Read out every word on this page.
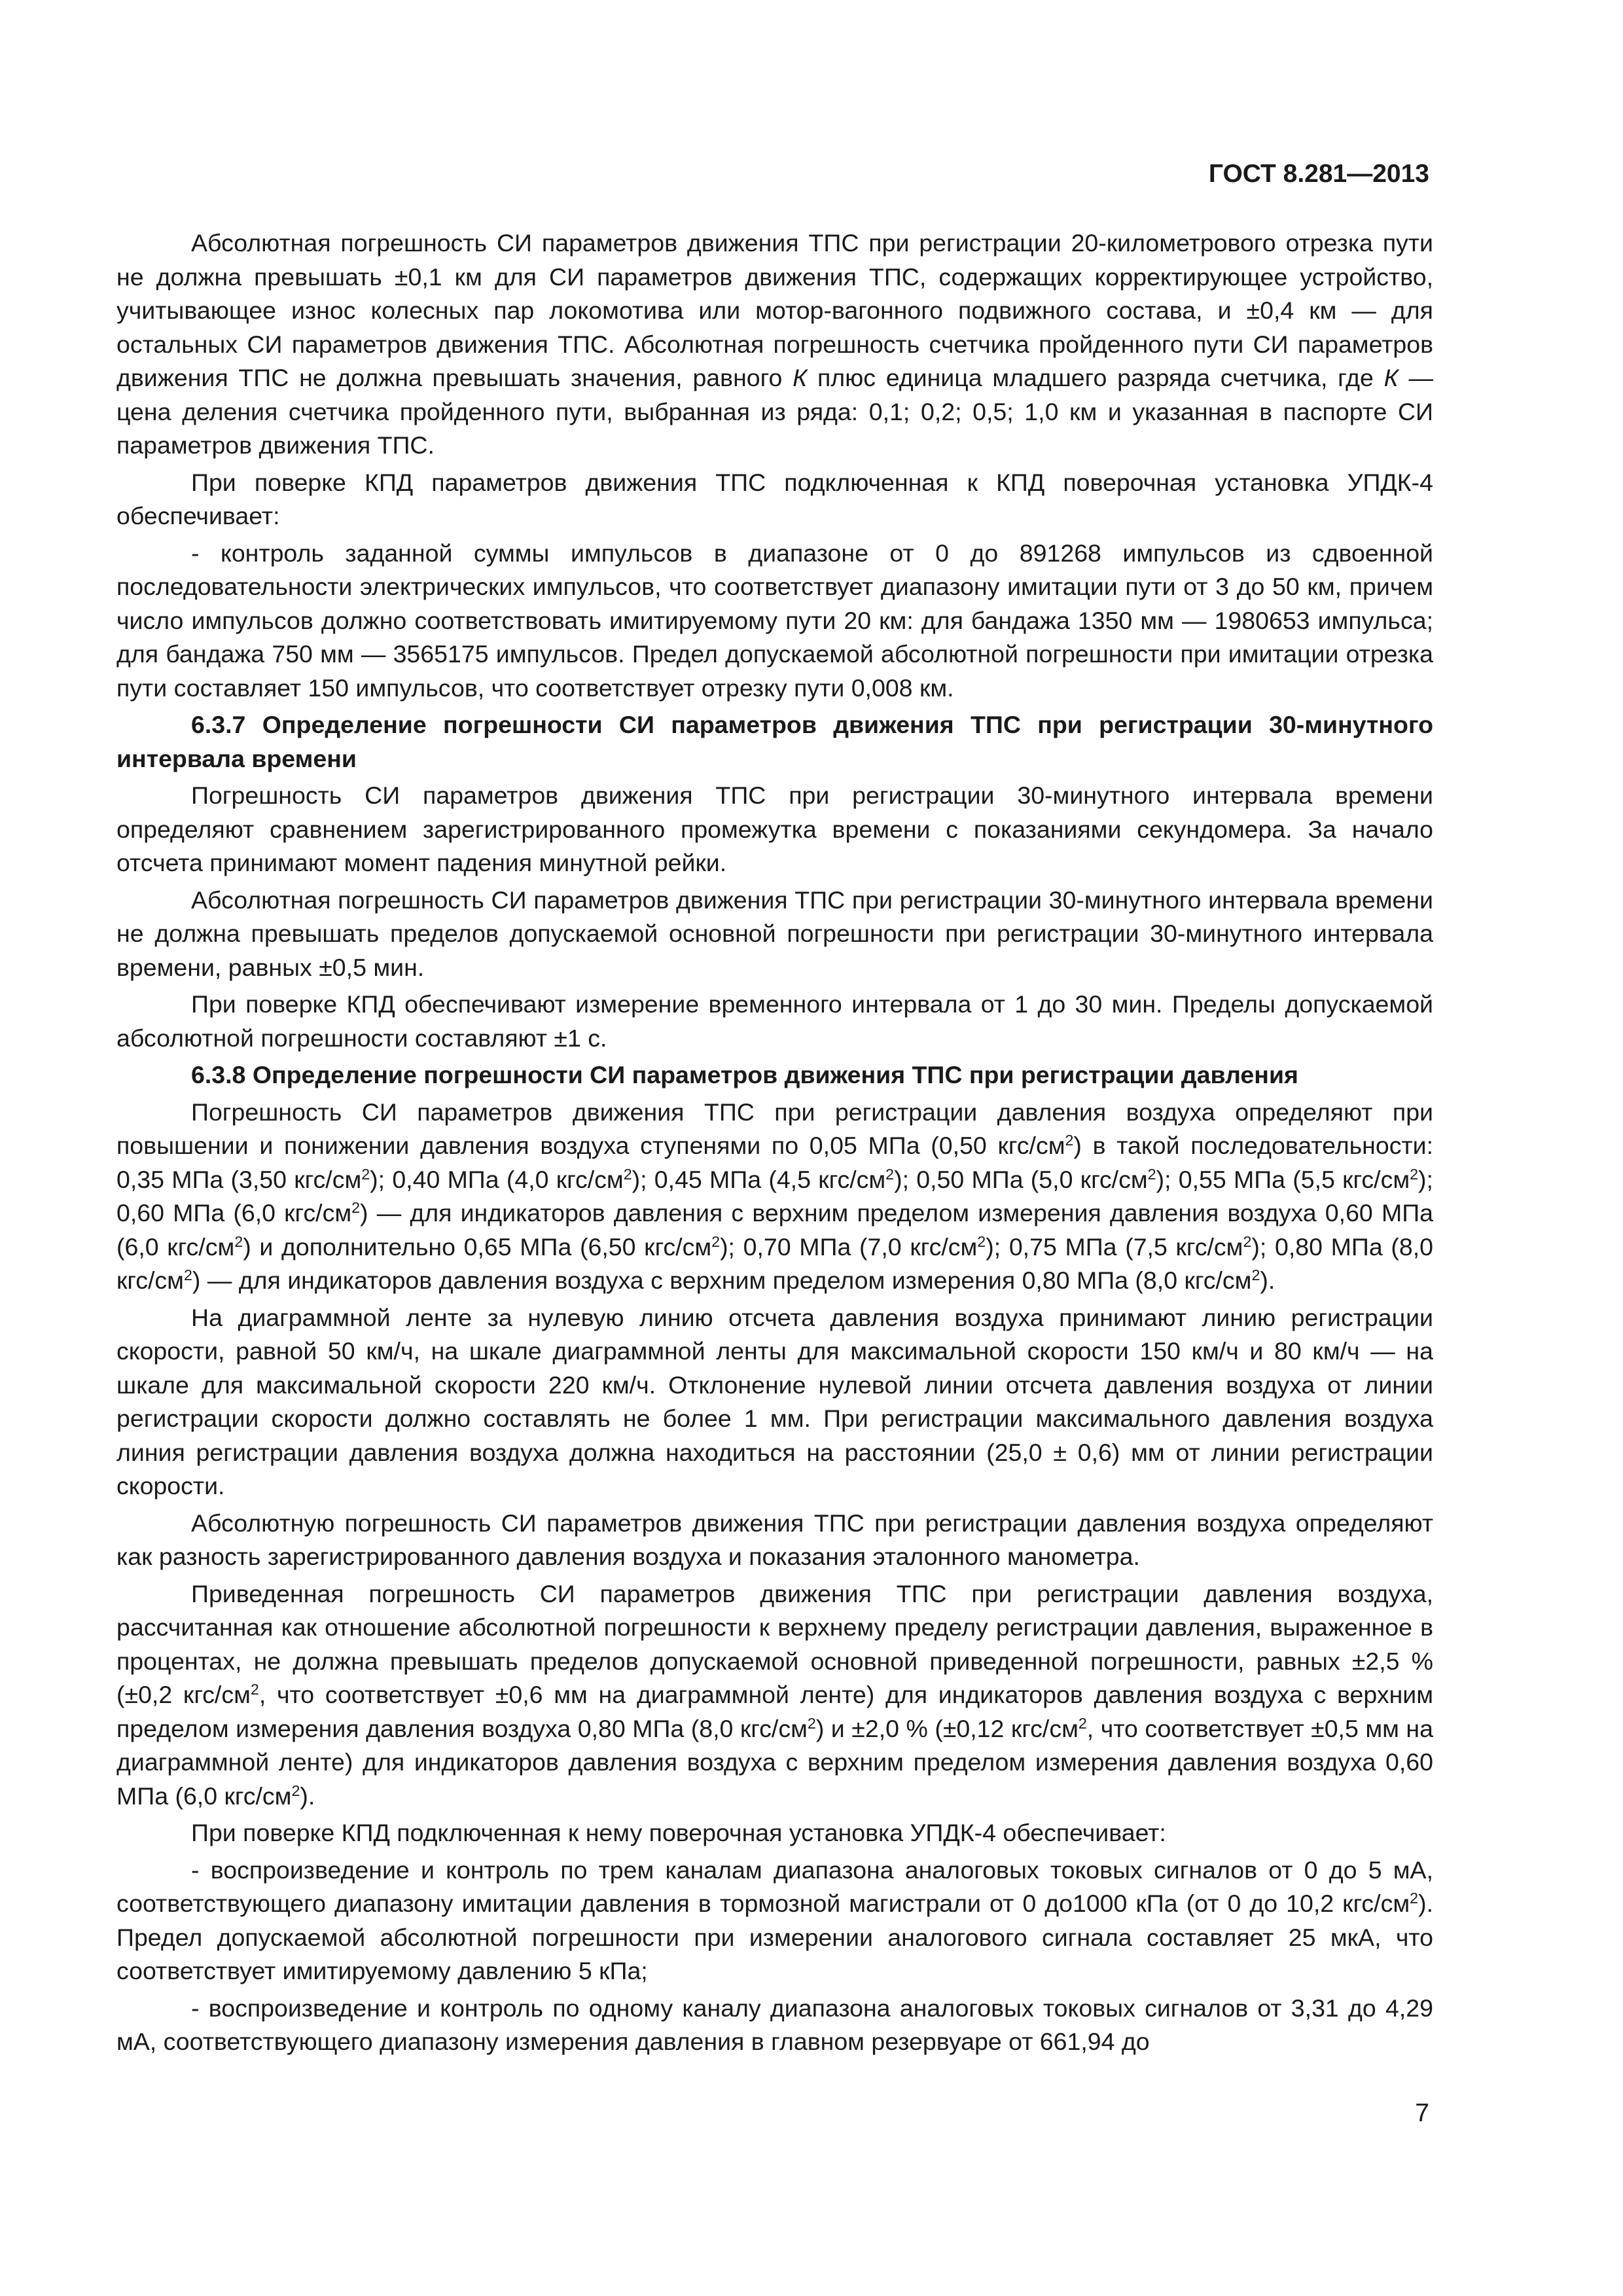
ГОСТ 8.281—2013

Абсолютная погрешность СИ параметров движения ТПС при регистрации 20-километрового отрезка пути не должна превышать ±0,1 км для СИ параметров движения ТПС, содержащих корректирующее устройство, учитывающее износ колесных пар локомотива или мотор-вагонного подвижного состава, и ±0,4 км — для остальных СИ параметров движения ТПС. Абсолютная погрешность счетчика пройденного пути СИ параметров движения ТПС не должна превышать значения, равного К плюс единица младшего разряда счетчика, где К — цена деления счетчика пройденного пути, выбранная из ряда: 0,1; 0,2; 0,5; 1,0 км и указанная в паспорте СИ параметров движения ТПС.

При поверке КПД параметров движения ТПС подключенная к КПД поверочная установка УПДК-4 обеспечивает:

- контроль заданной суммы импульсов в диапазоне от 0 до 891268 импульсов из сдвоенной последовательности электрических импульсов, что соответствует диапазону имитации пути от 3 до 50 км, причем число импульсов должно соответствовать имитируемому пути 20 км: для бандажа 1350 мм — 1980653 импульса; для бандажа 750 мм — 3565175 импульсов. Предел допускаемой абсолютной погрешности при имитации отрезка пути составляет 150 импульсов, что соответствует отрезку пути 0,008 км.

6.3.7 Определение погрешности СИ параметров движения ТПС при регистрации 30-минутного интервала времени

Погрешность СИ параметров движения ТПС при регистрации 30-минутного интервала времени определяют сравнением зарегистрированного промежутка времени с показаниями секундомера. За начало отсчета принимают момент падения минутной рейки.

Абсолютная погрешность СИ параметров движения ТПС при регистрации 30-минутного интервала времени не должна превышать пределов допускаемой основной погрешности при регистрации 30-минутного интервала времени, равных ±0,5 мин.

При поверке КПД обеспечивают измерение временного интервала от 1 до 30 мин. Пределы допускаемой абсолютной погрешности составляют ±1 с.

6.3.8 Определение погрешности СИ параметров движения ТПС при регистрации давления

Погрешность СИ параметров движения ТПС при регистрации давления воздуха определяют при повышении и понижении давления воздуха ступенями по 0,05 МПа (0,50 кгс/$см^2$) в такой последовательности: 0,35 МПа (3,50 кгс/$см^2$); 0,40 МПа (4,0 кгс/$см^2$); 0,45 МПа (4,5 кгс/$см^2$); 0,50 МПа (5,0 кгс/$см^2$); 0,55 МПа (5,5 кгс/$см^2$); 0,60 МПа (6,0 кгс/$см^2$) — для индикаторов давления с верхним пределом измерения давления воздуха 0,60 МПа (6,0 кгс/$см^2$) и дополнительно 0,65 МПа (6,50 кгс/$см^2$); 0,70 МПа (7,0 кгс/$см^2$); 0,75 МПа (7,5 кгс/$см^2$); 0,80 МПа (8,0 кгс/$см^2$) — для индикаторов давления воздуха с верхним пределом измерения 0,80 МПа (8,0 кгс/$см^2$).

На диаграммной ленте за нулевую линию отсчета давления воздуха принимают линию регистрации скорости, равной 50 км/ч, на шкале диаграммной ленты для максимальной скорости 150 км/ч и 80 км/ч — на шкале для максимальной скорости 220 км/ч. Отклонение нулевой линии отсчета давления воздуха от линии регистрации скорости должно составлять не более 1 мм. При регистрации максимального давления воздуха линия регистрации давления воздуха должна находиться на расстоянии (25,0 ± 0,6) мм от линии регистрации скорости.

Абсолютную погрешность СИ параметров движения ТПС при регистрации давления воздуха определяют как разность зарегистрированного давления воздуха и показания эталонного манометра.

Приведенная погрешность СИ параметров движения ТПС при регистрации давления воздуха, рассчитанная как отношение абсолютной погрешности к верхнему пределу регистрации давления, выраженное в процентах, не должна превышать пределов допускаемой основной приведенной погрешности, равных ±2,5 % (±0,2 кгс/$см^2$, что соответствует ±0,6 мм на диаграммной ленте) для индикаторов давления воздуха с верхним пределом измерения давления воздуха 0,80 МПа (8,0 кгс/$см^2$) и ±2,0 % (±0,12 кгс/$см^2$, что соответствует ±0,5 мм на диаграммной ленте) для индикаторов давления воздуха с верхним пределом измерения давления воздуха 0,60 МПа (6,0 кгс/$см^2$).

При поверке КПД подключенная к нему поверочная установка УПДК-4 обеспечивает:

- воспроизведение и контроль по трем каналам диапазона аналоговых токовых сигналов от 0 до 5 мА, соответствующего диапазону имитации давления в тормозной магистрали от 0 до1000 кПа (от 0 до 10,2 кгс/$см^2$). Предел допускаемой абсолютной погрешности при измерении аналогового сигнала составляет 25 мкА, что соответствует имитируемому давлению 5 кПа;

- воспроизведение и контроль по одному каналу диапазона аналоговых токовых сигналов от 3,31 до 4,29 мА, соответствующего диапазону измерения давления в главном резервуаре от 661,94 до

7
